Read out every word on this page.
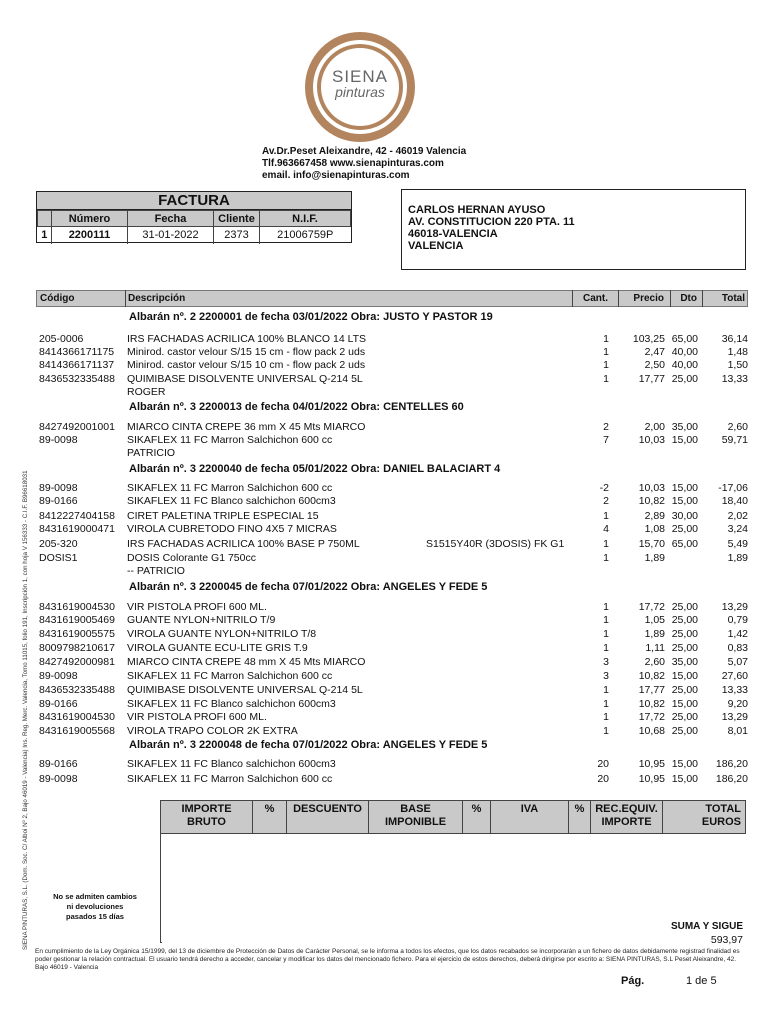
SIENA
pinturas
Av.Dr.Peset Aleixandre, 42 - 46019 Valencia
Tlf.963667458 www.sienapinturas.com
email. info@sienapinturas.com
SIENA PINTURAS, S.L. (Dom. Soc. C/ Alboi Nº 2, Bajo 46019 - Valencia) Ins. Reg. Merc. Valencia, Tomo 11015, folio 191, Inscripción 1, con hoja V 156333 - C.I.F. B96618031
FACTURA
	Número	Fecha	Cliente	N.I.F.
1	2200111	31-01-2022	2373	21006759P
CARLOS HERNAN AYUSO
AV. CONSTITUCION 220 PTA. 11
46018-VALENCIA
VALENCIA
Código	Descripción	Cant.	Precio Dto Total
Albarán nº. 2 2200001 de fecha 03/01/2022 Obra: JUSTO Y PASTOR 19
Albarán nº. 3 2200013 de fecha 04/01/2022 Obra: CENTELLES 60
Albarán nº. 3 2200040 de fecha 05/01/2022 Obra: DANIEL BALACIART 4
Albarán nº. 3 2200045 de fecha 07/01/2022 Obra: ANGELES Y FEDE 5
Albarán nº. 3 2200048 de fecha 07/01/2022 Obra: ANGELES Y FEDE 5
205-0006	IRS FACHADAS ACRILICA 100% BLANCO 14 LTS	1 103,25 65,00 36,14
8414366171175 Minirod. castor velour S/15 15 cm - flow pack 2 uds	1	2,47 40,00	1,48
8414366171137 Minirod. castor velour S/15 10 cm - flow pack 2 uds	1	2,50 40,00	1,50
8436532335488 QUIMIBASE DISOLVENTE UNIVERSAL Q-214 5L	1	17,77 25,00 13,33
ROGER
8427492001001 MIARCO CINTA CREPE 36 mm X 45 Mts MIARCO	2	2,00 35,00	2,60
89-0098	SIKAFLEX 11 FC Marron Salchichon 600 cc	7	10,03 15,00 59,71
PATRICIO
89-0098	SIKAFLEX 11 FC Marron Salchichon 600 cc	-2	10,03 15,00 -17,06
89-0166	SIKAFLEX 11 FC Blanco salchichon 600cm3	2	10,82 15,00 18,40
8412227404158 CIRET PALETINA TRIPLE ESPECIAL 15	1	2,89 30,00	2,02
8431619000471 VIROLA CUBRETODO FINO 4X5 7 MICRAS	4	1,08 25,00	3,24
205-320	IRS FACHADAS ACRILICA 100% BASE P 750ML	S1515Y40R (3DOSIS) FK G1	1	15,70 65,00	5,49
DOSIS1	DOSIS Colorante G1 750cc	1	1,89	1,89
-- PATRICIO
8431619004530 VIR PISTOLA PROFI 600 ML.	1	17,72 25,00 13,29
8431619005469 GUANTE NYLON+NITRILO T/9	1	1,05 25,00	0,79
8431619005575 VIROLA GUANTE NYLON+NITRILO T/8	1	1,89 25,00	1,42
8009798210617 VIROLA GUANTE ECU-LITE GRIS T.9	1	1,11 25,00	0,83
8427492000981 MIARCO CINTA CREPE 48 mm X 45 Mts MIARCO	3	2,60 35,00	5,07
89-0098	SIKAFLEX 11 FC Marron Salchichon 600 cc	3	10,82 15,00 27,60
8436532335488 QUIMIBASE DISOLVENTE UNIVERSAL Q-214 5L	1	17,77 25,00 13,33
89-0166	SIKAFLEX 11 FC Blanco salchichon 600cm3	1	10,82 15,00	9,20
8431619004530 VIR PISTOLA PROFI 600 ML.	1	17,72 25,00 13,29
8431619005568 VIROLA TRAPO COLOR 2K EXTRA	1	10,68 25,00	8,01
89-0166	SIKAFLEX 11 FC Blanco salchichon 600cm3	20	10,95 15,00 186,20
89-0098	SIKAFLEX 11 FC Marron Salchichon 600 cc	20	10,95 15,00 186,20
IMPORTE
BRUTO
%	DESCUENTO	BASE
IMPONIBLE
%	IVA	% REC.EQUIV.
IMPORTE
TOTAL
EUROS
No se admiten cambios
ni devoluciones
pasados 15 días
SUMA Y SIGUE
593,97
En cumplimiento de la Ley Orgánica 15/1999, del 13 de diciembre de Protección de Datos de Carácter Personal, se le informa a todos los efectos, que los datos recabados se incorporarán a un fichero de datos debidamente registrad finalidad es poder gestionar la relación contractual. El usuario tendrá derecho a acceder, cancelar y modificar los datos del mencionado fichero. Para el ejercicio de estos derechos, deberá dirigirse por escrito a: SIENA PINTURAS, S.L Peset Aleixandre, 42. Bajo 46019 - Valencia
Pág.	1 de 5
